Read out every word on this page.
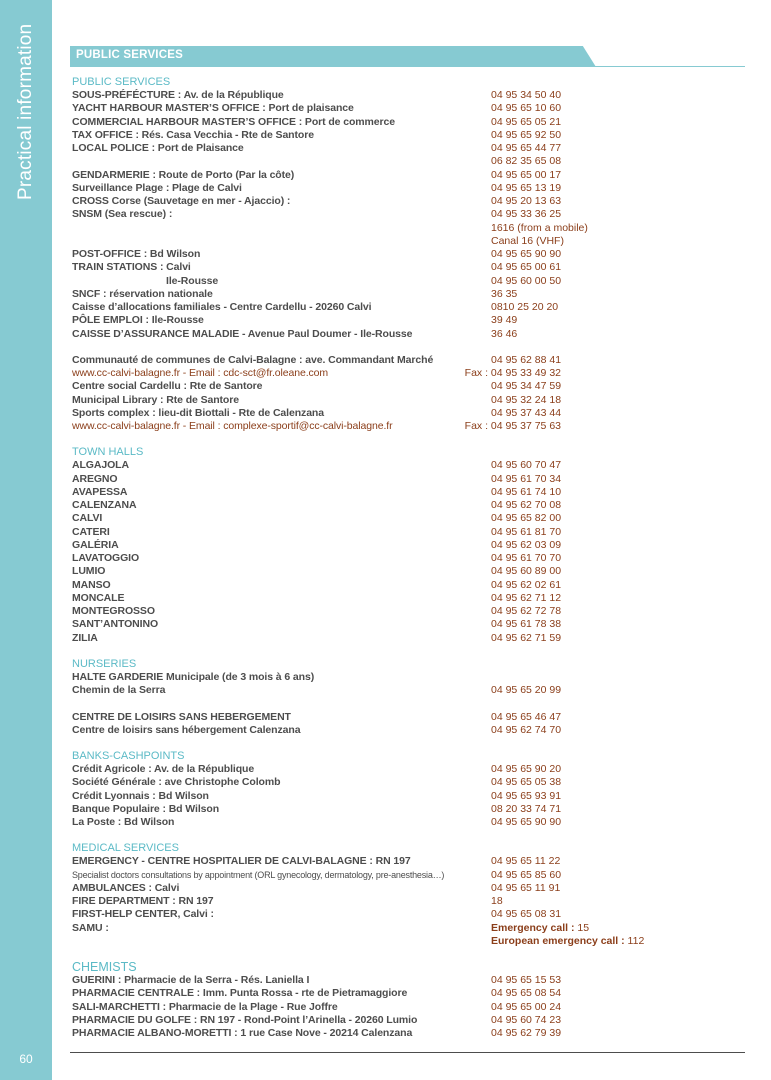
Practical information
60
PUBLIC SERVICES
PUBLIC SERVICES
SOUS-PRÉFÉCTURE : Av. de la République	04 95 34 50 40
YACHT HARBOUR MASTER’S OFFICE : Port de plaisance	04 95 65 10 60
COMMERCIAL HARBOUR MASTER’S OFFICE : Port de commerce	04 95 65 05 21
TAX OFFICE : Rés. Casa Vecchia - Rte de Santore	04 95 65 92 50
LOCAL POLICE : Port de Plaisance	04 95 65 44 77
06 82 35 65 08
GENDARMERIE : Route de Porto (Par la côte)	04 95 65 00 17
Surveillance Plage : Plage de Calvi	04 95 65 13 19
CROSS Corse (Sauvetage en mer - Ajaccio) :	04 95 20 13 63
SNSM (Sea rescue) :	04 95 33 36 25
1616 (from a mobile)
Canal 16 (VHF)
POST-OFFICE : Bd Wilson	04 95 65 90 90
TRAIN STATIONS : Calvi	04 95 65 00 61
Ile-Rousse	04 95 60 00 50
SNCF : réservation nationale	36 35
Caisse d’allocations familiales - Centre Cardellu - 20260 Calvi	0810 25 20 20
PÔLE EMPLOI : Ile-Rousse	39 49
CAISSE D’ASSURANCE MALADIE - Avenue Paul Doumer - Ile-Rousse	36 46
Communauté de communes de Calvi-Balagne : ave. Commandant Marché	04 95 62 88 41
www.cc-calvi-balagne.fr - Email : cdc-sct@fr.oleane.com	Fax : 04 95 33 49 32
Centre social Cardellu : Rte de Santore	04 95 34 47 59
Municipal Library : Rte de Santore	04 95 32 24 18
Sports complex : lieu-dit Biottali - Rte de Calenzana	04 95 37 43 44
www.cc-calvi-balagne.fr - Email : complexe-sportif@cc-calvi-balagne.fr	Fax : 04 95 37 75 63
TOWN HALLS
ALGAJOLA	04 95 60 70 47
AREGNO	04 95 61 70 34
AVAPESSA	04 95 61 74 10
CALENZANA	04 95 62 70 08
CALVI	04 95 65 82 00
CATERI	04 95 61 81 70
GALÉRIA	04 95 62 03 09
LAVATOGGIO	04 95 61 70 70
LUMIO	04 95 60 89 00
MANSO	04 95 62 02 61
MONCALE	04 95 62 71 12
MONTEGROSSO	04 95 62 72 78
SANT’ANTONINO	04 95 61 78 38
ZILIA	04 95 62 71 59
NURSERIES
HALTE GARDERIE Municipale (de 3 mois à 6 ans)
Chemin de la Serra	04 95 65 20 99
CENTRE DE LOISIRS SANS HEBERGEMENT	04 95 65 46 47
Centre de loisirs sans hébergement Calenzana	04 95 62 74 70
BANKS-CASHPOINTS
Crédit Agricole : Av. de la République	04 95 65 90 20
Société Générale : ave Christophe Colomb	04 95 65 05 38
Crédit Lyonnais : Bd Wilson	04 95 65 93 91
Banque Populaire : Bd Wilson	08 20 33 74 71
La Poste : Bd Wilson	04 95 65 90 90
MEDICAL SERVICES
EMERGENCY - CENTRE HOSPITALIER DE CALVI-BALAGNE : RN 197	04 95 65 11 22
Specialist doctors consultations by appointment (ORL gynecology, dermatology, pre-anesthesia…)	04 95 65 85 60
AMBULANCES : Calvi	04 95 65 11 91
FIRE DEPARTMENT : RN 197	18
FIRST-HELP CENTER, Calvi :	04 95 65 08 31
SAMU :	Emergency call : 15
European emergency call : 112
CHEMISTS
GUERINI : Pharmacie de la Serra - Rés. Laniella I	04 95 65 15 53
PHARMACIE CENTRALE : Imm. Punta Rossa - rte de Pietramaggiore	04 95 65 08 54
SALI-MARCHETTI : Pharmacie de la Plage - Rue Joffre	04 95 65 00 24
PHARMACIE DU GOLFE : RN 197 - Rond-Point l’Arinella - 20260 Lumio	04 95 60 74 23
PHARMACIE ALBANO-MORETTI : 1 rue Case Nove - 20214 Calenzana	04 95 62 79 39
